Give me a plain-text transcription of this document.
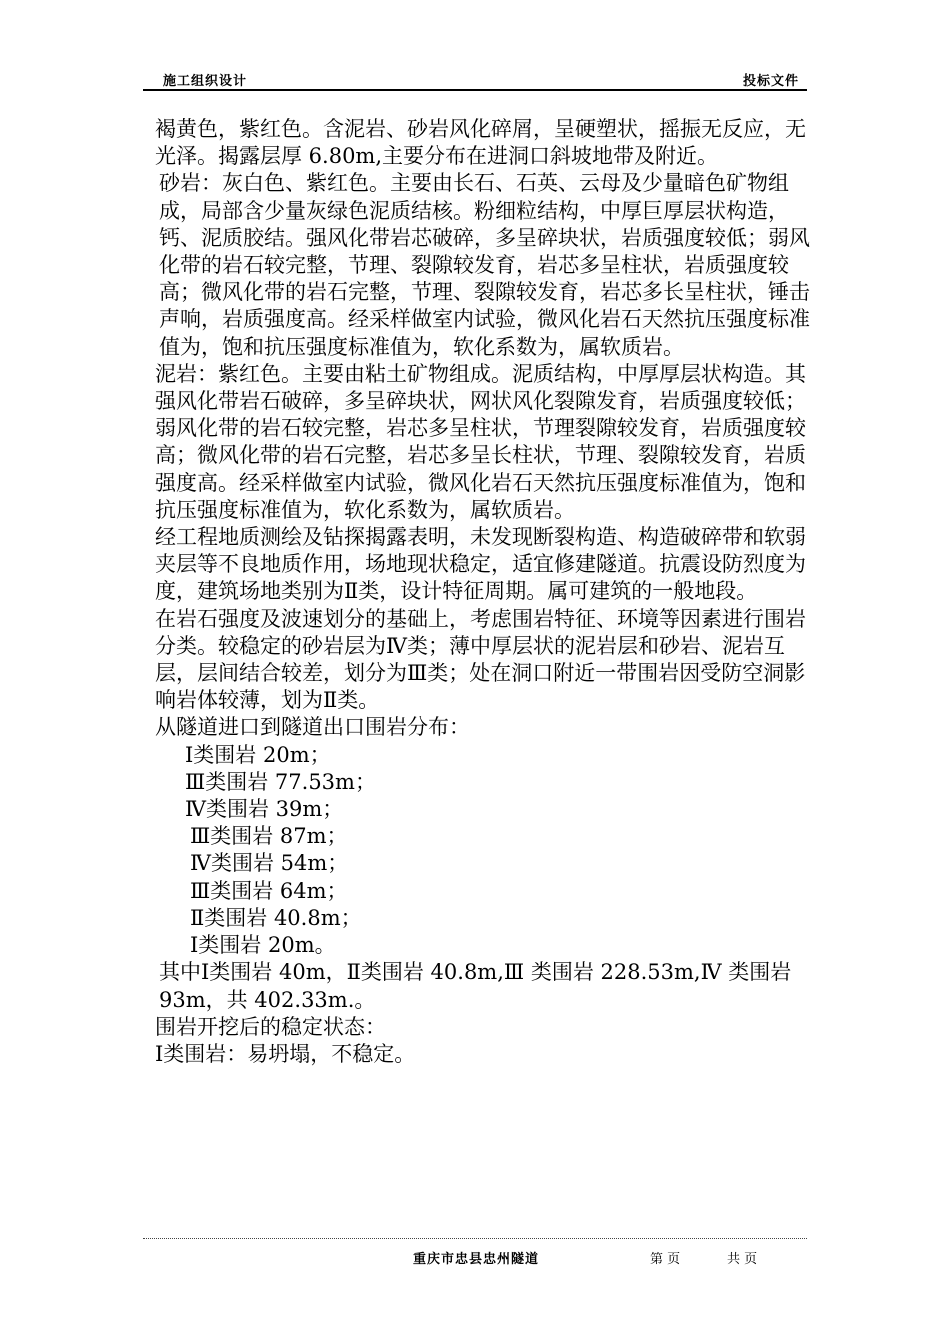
施工组织设计	投标文件

褐黄色，紫红色。含泥岩、砂岩风化碎屑，呈硬塑状，摇振无反应，无光泽。揭露层厚 6.80m,主要分布在进洞口斜坡地带及附近。

砂岩：灰白色、紫红色。主要由长石、石英、云母及少量暗色矿物组成，局部含少量灰绿色泥质结核。粉细粒结构，中厚巨厚层状构造，钙、泥质胶结。强风化带岩芯破碎，多呈碎块状，岩质强度较低；弱风化带的岩石较完整，节理、裂隙较发育，岩芯多呈柱状，岩质强度较高；微风化带的岩石完整，节理、裂隙较发育，岩芯多长呈柱状，锤击声响，岩质强度高。经采样做室内试验，微风化岩石天然抗压强度标准值为，饱和抗压强度标准值为，软化系数为，属软质岩。

泥岩：紫红色。主要由粘土矿物组成。泥质结构，中厚厚层状构造。其强风化带岩石破碎，多呈碎块状，网状风化裂隙发育，岩质强度较低；弱风化带的岩石较完整，岩芯多呈柱状，节理裂隙较发育，岩质强度较高；微风化带的岩石完整，岩芯多呈长柱状，节理、裂隙较发育，岩质强度高。经采样做室内试验，微风化岩石天然抗压强度标准值为，饱和抗压强度标准值为，软化系数为，属软质岩。

经工程地质测绘及钻探揭露表明，未发现断裂构造、构造破碎带和软弱夹层等不良地质作用，场地现状稳定，适宜修建隧道。抗震设防烈度为度，建筑场地类别为Ⅱ类，设计特征周期。属可建筑的一般地段。

在岩石强度及波速划分的基础上，考虑围岩特征、环境等因素进行围岩分类。较稳定的砂岩层为Ⅳ类；薄中厚层状的泥岩层和砂岩、泥岩互层，层间结合较差，划分为Ⅲ类；处在洞口附近一带围岩因受防空洞影响岩体较薄，划为Ⅱ类。

从隧道进口到隧道出口围岩分布：

Ⅰ类围岩 20m；

Ⅲ类围岩 77.53m；

Ⅳ类围岩 39m；

Ⅲ类围岩 87m；

Ⅳ类围岩 54m；

Ⅲ类围岩 64m；

Ⅱ类围岩 40.8m；

Ⅰ类围岩 20m。

其中Ⅰ类围岩 40m，Ⅱ类围岩 40.8m,Ⅲ 类围岩 228.53m,Ⅳ 类围岩 93m，共 402.33m.。

围岩开挖后的稳定状态：

Ⅰ类围岩：易坍塌，不稳定。

重庆市忠县忠州隧道	第 页	共 页
